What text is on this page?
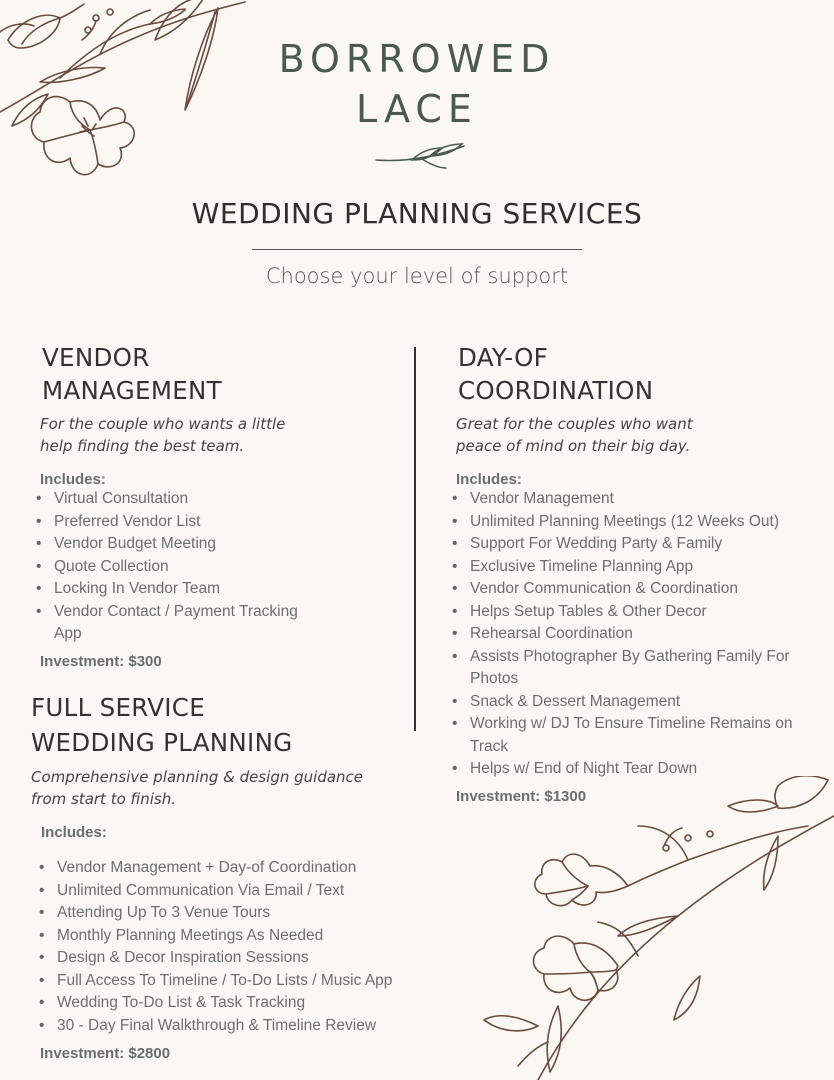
BORROWED
LACE
WEDDING PLANNING SERVICES
Choose your level of support
VENDOR
MANAGEMENT
For the couple who wants a little
help finding the best team.
Includes:
• Virtual Consultation
• Preferred Vendor List
• Vendor Budget Meeting
• Quote Collection
• Locking In Vendor Team
• Vendor Contact / Payment Tracking App
Investment: $300
DAY-OF
COORDINATION
Great for the couples who want
peace of mind on their big day.
Includes:
• Vendor Management
• Unlimited Planning Meetings (12 Weeks Out)
• Support For Wedding Party & Family
• Exclusive Timeline Planning App
• Vendor Communication & Coordination
• Helps Setup Tables & Other Decor
• Rehearsal Coordination
• Assists Photographer By Gathering Family For Photos
• Snack & Dessert Management
• Working w/ DJ To Ensure Timeline Remains on Track
• Helps w/ End of Night Tear Down
Investment: $1300
FULL SERVICE
WEDDING PLANNING
Comprehensive planning & design guidance
from start to finish.
Includes:
• Vendor Management + Day-of Coordination
• Unlimited Communication Via Email / Text
• Attending Up To 3 Venue Tours
• Monthly Planning Meetings As Needed
• Design & Decor Inspiration Sessions
• Full Access To Timeline / To-Do Lists / Music App
• Wedding To-Do List & Task Tracking
• 30 - Day Final Walkthrough & Timeline Review
Investment: $2800
